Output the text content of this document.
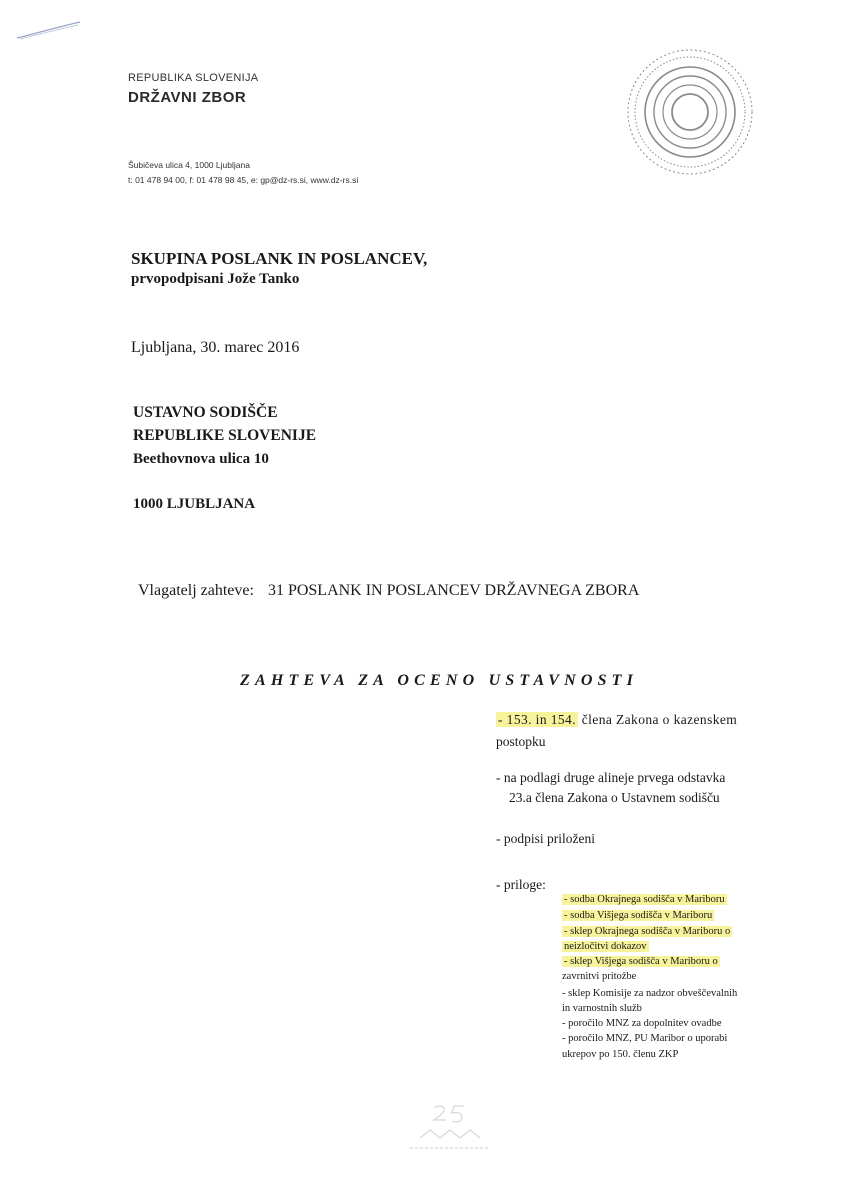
REPUBLIKA SLOVENIJA
DRŽAVNI ZBOR
Šubičeva ulica 4, 1000 Ljubljana
t: 01 478 94 00, f: 01 478 98 45, e: gp@dz-rs.si, www.dz-rs.si
SKUPINA POSLANK IN POSLANCEV,
prvopodpisani Jože Tanko
Ljubljana, 30. marec 2016
USTAVNO SODIŠČE
REPUBLIKE SLOVENIJE
Beethovnova ulica 10
1000 LJUBLJANA
Vlagatelj zahteve: 31 POSLANK IN POSLANCEV DRŽAVNEGA ZBORA
ZAHTEVA ZA OCENO USTAVNOSTI
- 153. in 154. člena Zakona o kazenskem
postopku
- na podlagi druge alineje prvega odstavka
23.a člena Zakona o Ustavnem sodišču
- podpisi priloženi
- priloge:
- sodba Okrajnega sodišča v Mariboru
- sodba Višjega sodišča v Mariboru
- sklep Okrajnega sodišča v Mariboru o
neizločitvi dokazov
- sklep Višjega sodišča v Mariboru o
zavrnitvi pritožbe
- sklep Komisije za nadzor obveščevalnih
in varnostnih služb
- poročilo MNZ za dopolnitev ovadbe
- poročilo MNZ, PU Maribor o uporabi
ukrepov po 150. členu ZKP
